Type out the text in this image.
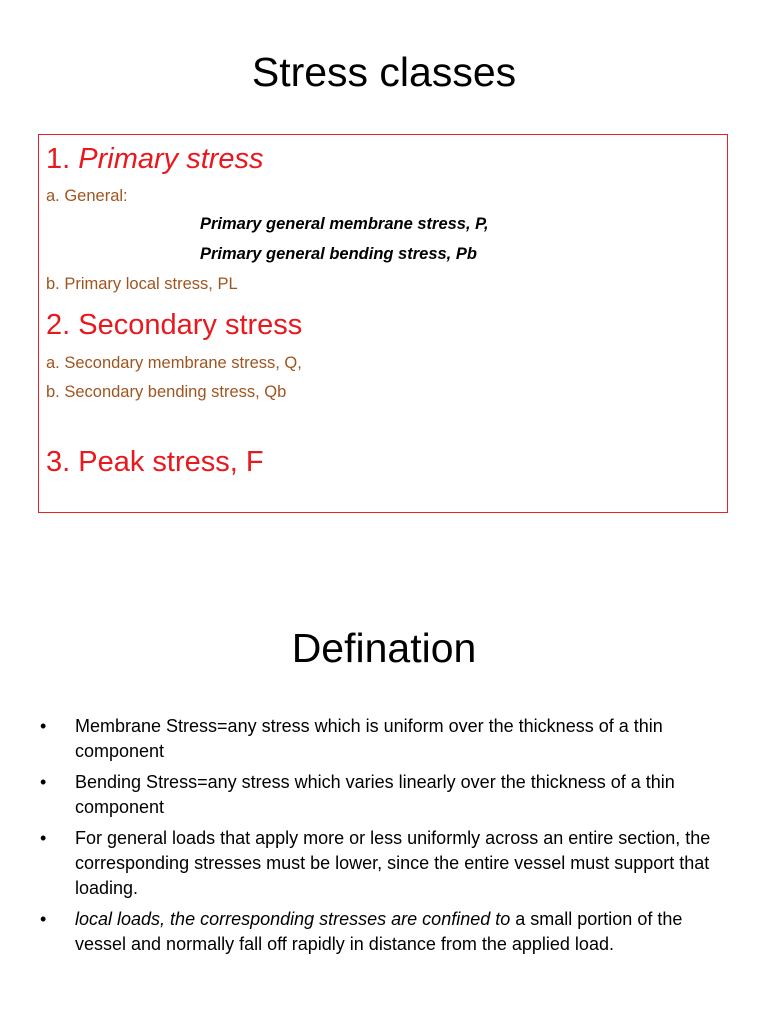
Stress classes
1. Primary stress
a. General:
Primary general membrane stress, P,
Primary general bending stress, Pb
b. Primary local stress, PL
2. Secondary stress
a. Secondary membrane stress, Q,
b. Secondary bending stress, Qb
3. Peak stress, F
Defination
•	Membrane Stress=any stress which is uniform over the thickness of a thin component
•	Bending Stress=any stress which varies linearly over the thickness of a thin component
•	For general loads that apply more or less uniformly across an entire section, the corresponding stresses must be lower, since the entire vessel must support that loading.
•	local loads, the corresponding stresses are confined to a small portion of the vessel and normally fall off rapidly in distance from the applied load.
